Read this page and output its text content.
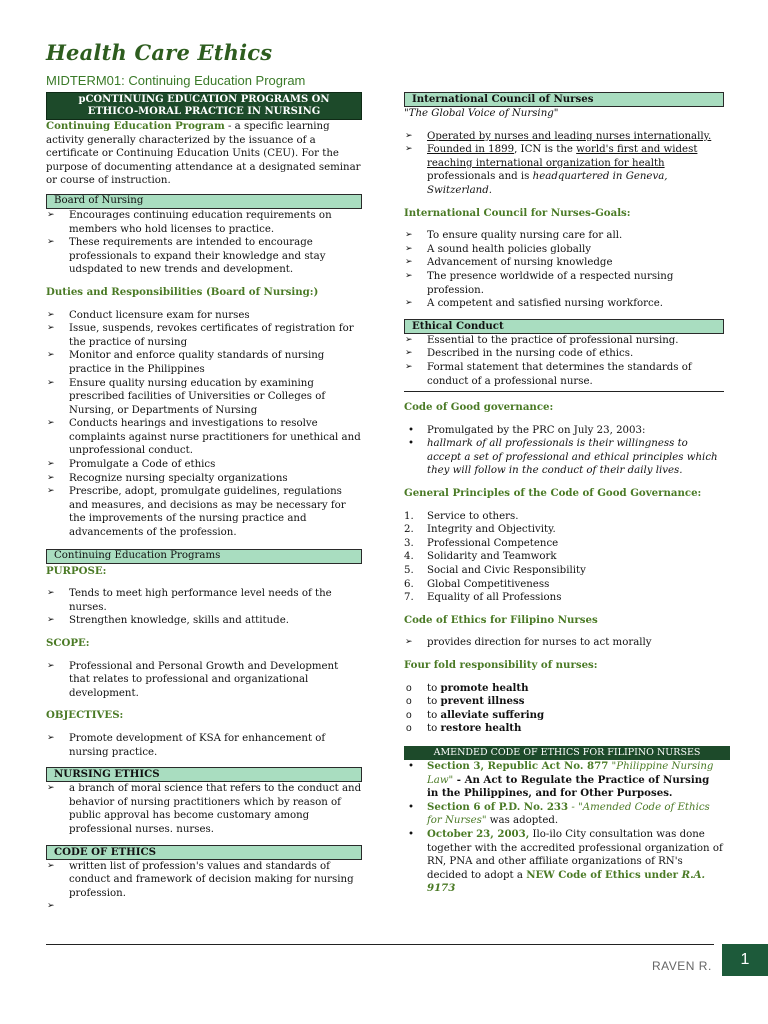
Health Care Ethics
MIDTERM01: Continuing Education Program
pCONTINUING EDUCATION PROGRAMS ON ETHICO-MORAL PRACTICE IN NURSING

Continuing Education Program - a specific learning activity generally characterized by the issuance of a certificate or Continuing Education Units (CEU). For the purpose of documenting attendance at a designated seminar or course of instruction.

Board of Nursing
➢ Encourages continuing education requirements on members who hold licenses to practice.
➢ These requirements are intended to encourage professionals to expand their knowledge and stay udspdated to new trends and development.
Duties and Responsibilities (Board of Nursing:)
➢ Conduct licensure exam for nurses
➢ Issue, suspends, revokes certificates of registration for the practice of nursing
➢ Monitor and enforce quality standards of nursing practice in the Philippines
➢ Ensure quality nursing education by examining prescribed facilities of Universities or Colleges of Nursing, or Departments of Nursing
➢ Conducts hearings and investigations to resolve complaints against nurse practitioners for unethical and unprofessional conduct.
➢ Promulgate a Code of ethics
➢ Recognize nursing specialty organizations
➢ Prescribe, adopt, promulgate guidelines, regulations and measures, and decisions as may be necessary for the improvements of the nursing practice and advancements of the profession.
Continuing Education Programs
PURPOSE:
➢ Tends to meet high performance level needs of the nurses.
➢ Strengthen knowledge, skills and attitude.
SCOPE:
➢ Professional and Personal Growth and Development that relates to professional and organizational development.
OBJECTIVES:
➢ Promote development of KSA for enhancement of nursing practice.
NURSING ETHICS
➢ a branch of moral science that refers to the conduct and behavior of nursing practitioners which by reason of public approval has become customary among professional nurses. nurses.
CODE OF ETHICS
➢ written list of profession's values and standards of conduct and framework of decision making for nursing profession.
➢
International Council of Nurses
"The Global Voice of Nursing"
➢ Operated by nurses and leading nurses internationally.
➢ Founded in 1899, ICN is the world's first and widest reaching international organization for health professionals and is headquartered in Geneva, Switzerland.
International Council for Nurses-Goals:
➢ To ensure quality nursing care for all.
➢ A sound health policies globally
➢ Advancement of nursing knowledge
➢ The presence worldwide of a respected nursing profession.
➢ A competent and satisfied nursing workforce.
Ethical Conduct
➢ Essential to the practice of professional nursing.
➢ Described in the nursing code of ethics.
➢ Formal statement that determines the standards of conduct of a professional nurse.
Code of Good governance:
• Promulgated by the PRC on July 23, 2003:
• hallmark of all professionals is their willingness to accept a set of professional and ethical principles which they will follow in the conduct of their daily lives.
General Principles of the Code of Good Governance:
1. Service to others.
2. Integrity and Objectivity.
3. Professional Competence
4. Solidarity and Teamwork
5. Social and Civic Responsibility
6. Global Competitiveness
7. Equality of all Professions
Code of Ethics for Filipino Nurses
➢ provides direction for nurses to act morally
Four fold responsibility of nurses:
o to promote health
o to prevent illness
o to alleviate suffering
o to restore health
AMENDED CODE OF ETHICS FOR FILIPINO NURSES
• Section 3, Republic Act No. 877 "Philippine Nursing Law" - An Act to Regulate the Practice of Nursing in the Philippines, and for Other Purposes.
• Section 6 of P.D. No. 233 - "Amended Code of Ethics for Nurses" was adopted.
• October 23, 2003, Ilo-ilo City consultation was done together with the accredited professional organization of RN, PNA and other affiliate organizations of RN's decided to adopt a NEW Code of Ethics under R.A. 9173
RAVEN R.	1
